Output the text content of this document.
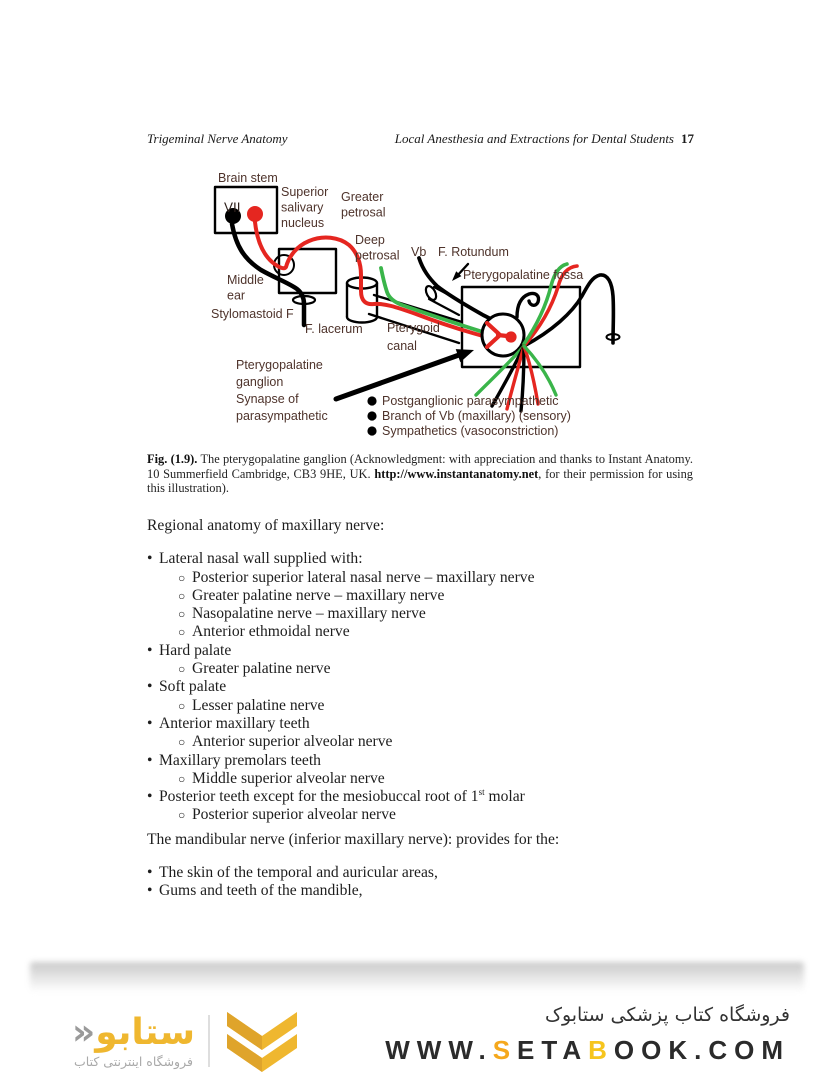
Trigeminal Nerve Anatomy	Local Anesthesia and Extractions for Dental Students 17
Brain stem
VII
Superior
salivary
nucleus
Greater
petrosal
Deep
petrosal Vb F. Rotundum
Pterygopalatine fossa
Middle
ear
Stylomastoid F
F. lacerum Pterygoid
canal
Pterygopalatine
ganglion
Synapse of
parasympathetic
Postganglionic parasympathetic
Branch of Vb (maxillary) (sensory)
Sympathetics (vasoconstriction)
Fig. (1.9). The pterygopalatine ganglion (Acknowledgment: with appreciation and thanks to Instant Anatomy. 10 Summerfield Cambridge, CB3 9HE, UK. http://www.instantanatomy.net, for their permission for using this illustration).

Regional anatomy of maxillary nerve:

• Lateral nasal wall supplied with:
○ Posterior superior lateral nasal nerve – maxillary nerve
○ Greater palatine nerve – maxillary nerve
○ Nasopalatine nerve – maxillary nerve
○ Anterior ethmoidal nerve
• Hard palate
○ Greater palatine nerve
• Soft palate
○ Lesser palatine nerve
• Anterior maxillary teeth
○ Anterior superior alveolar nerve
• Maxillary premolars teeth
○ Middle superior alveolar nerve
• Posterior teeth except for the mesiobuccal root of 1st molar
○ Posterior superior alveolar nerve

The mandibular nerve (inferior maxillary nerve): provides for the:

• The skin of the temporal and auricular areas,
• Gums and teeth of the mandible,
ستابو«
فروشگاه اینترنتی کتاب
فروشگاه کتاب پزشکی ستابوک
WWW.SETABOOK.COM
